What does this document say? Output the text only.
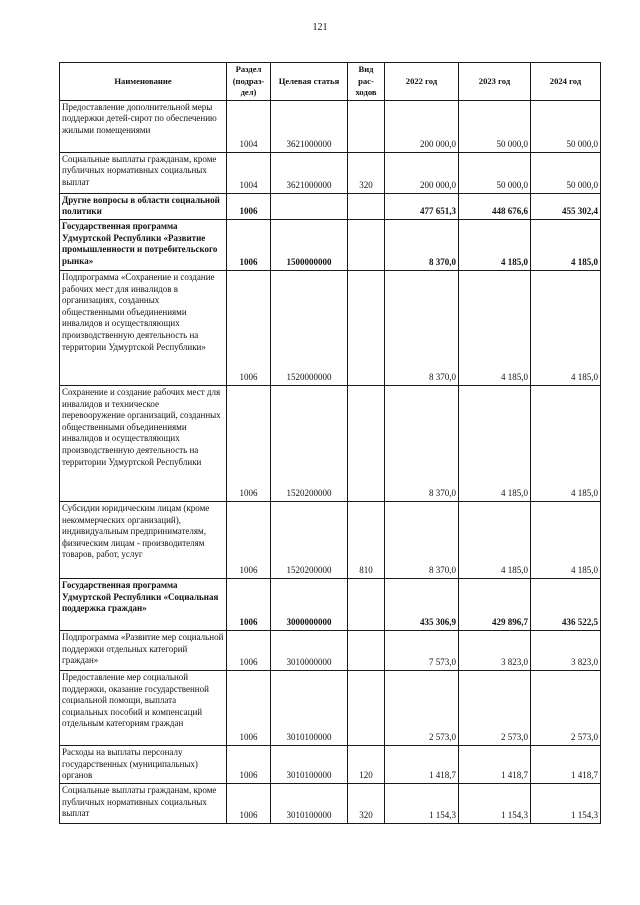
121
Наименование	Раздел (подраз-дел)	Целевая статья	Вид рас-ходов	2022 год	2023 год	2024 год
Предоставление дополнительной меры поддержки детей-сирот по обеспечению жилыми помещениями	1004	3621000000		200 000,0	50 000,0	50 000,0
Социальные выплаты гражданам, кроме публичных нормативных социальных выплат	1004	3621000000	320	200 000,0	50 000,0	50 000,0
Другие вопросы в области социальной политики	1006			477 651,3	448 676,6	455 302,4
Государственная программа Удмуртской Республики «Развитие промышленности и потребительского рынка»	1006	1500000000		8 370,0	4 185,0	4 185,0
Подпрограмма «Сохранение и создание рабочих мест для инвалидов в организациях, созданных общественными объединениями инвалидов и осуществляющих производственную деятельность на территории Удмуртской Республики»	1006	1520000000		8 370,0	4 185,0	4 185,0
Сохранение и создание рабочих мест для инвалидов и техническое перевооружение организаций, созданных общественными объединениями инвалидов и осуществляющих производственную деятельность на территории Удмуртской Республики	1006	1520200000		8 370,0	4 185,0	4 185,0
Субсидии юридическим лицам (кроме некоммерческих организаций), индивидуальным предпринимателям, физическим лицам - производителям товаров, работ, услуг	1006	1520200000	810	8 370,0	4 185,0	4 185,0
Государственная программа Удмуртской Республики «Социальная поддержка граждан»	1006	3000000000		435 306,9	429 896,7	436 522,5
Подпрограмма «Развитие мер социальной поддержки отдельных категорий граждан»	1006	3010000000		7 573,0	3 823,0	3 823,0
Предоставление мер социальной поддержки, оказание государственной социальной помощи, выплата социальных пособий и компенсаций отдельным категориям граждан	1006	3010100000		2 573,0	2 573,0	2 573,0
Расходы на выплаты персоналу государственных (муниципальных) органов	1006	3010100000	120	1 418,7	1 418,7	1 418,7
Социальные выплаты гражданам, кроме публичных нормативных социальных выплат	1006	3010100000	320	1 154,3	1 154,3	1 154,3
